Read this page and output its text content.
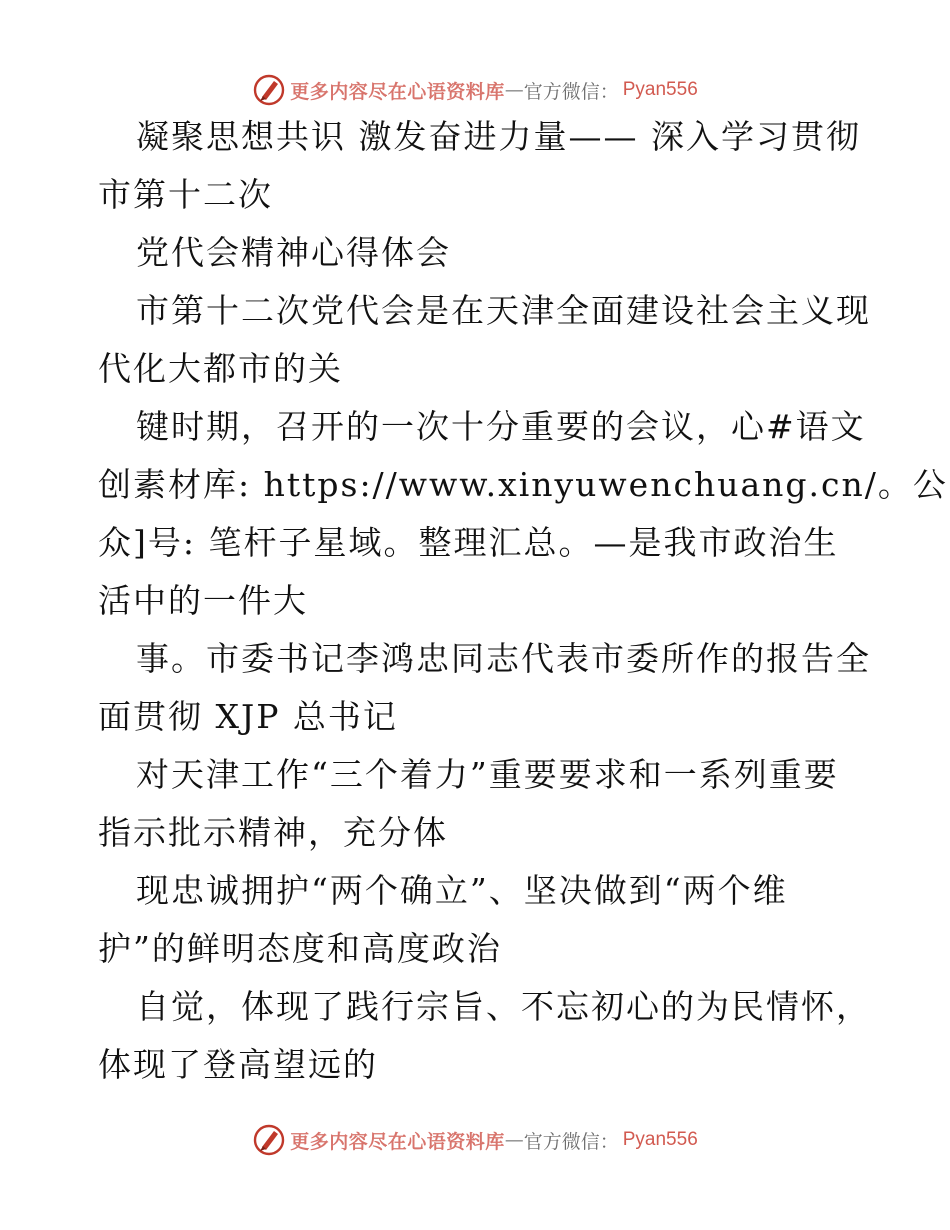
更多内容尽在心语资料库 — 官方微信： Pyan556
凝聚思想共识 激发奋进力量—— 深入学习贯彻
市第十二次
党代会精神心得体会
市第十二次党代会是在天津全面建设社会主义现
代化大都市的关
键时期，召开的一次十分重要的会议，心#语文
创素材库: https://www.xinyuwenchuang.cn/。公
众]号: 笔杆子星域。整理汇总。—是我市政治生
活中的一件大
事。市委书记李鸿忠同志代表市委所作的报告全
面贯彻 XJP 总书记
对天津工作“三个着力”重要要求和一系列重要
指示批示精神，充分体
现忠诚拥护“两个确立”、坚决做到“两个维
护”的鲜明态度和高度政治
自觉，体现了践行宗旨、不忘初心的为民情怀，
体现了登高望远的
更多内容尽在心语资料库 — 官方微信： Pyan556
